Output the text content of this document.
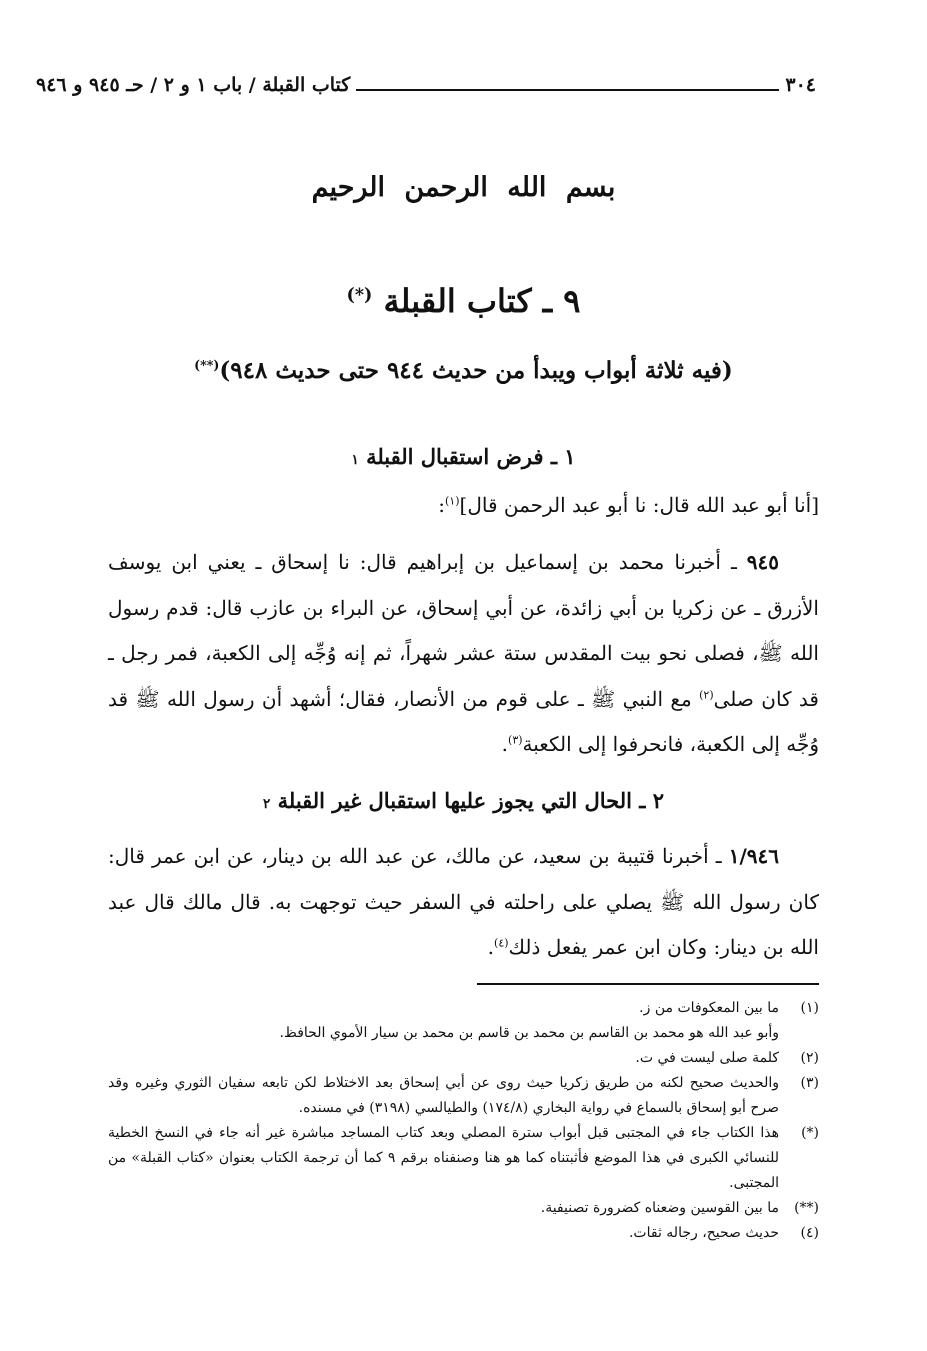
٣٠٤
كتاب القبلة / باب ١ و ٢ / حـ ٩٤٥ و ٩٤٦
بسم الله الرحمن الرحيم
٩ ـ كتاب القبلة (*)
(فيه ثلاثة أبواب ويبدأ من حديث ٩٤٤ حتى حديث ٩٤٨)(**)
١ ـ فرض استقبال القبلة ١
[أنا أبو عبد الله قال: نا أبو عبد الرحمن قال]$^{(١)}$:
٩٤٥ ـ أخبرنا محمد بن إسماعيل بن إبراهيم قال: نا إسحاق ـ يعني ابن يوسف الأزرق ـ عن زكريا بن أبي زائدة، عن أبي إسحاق، عن البراء بن عازب قال: قدم رسول الله ﷺ، فصلى نحو بيت المقدس ستة عشر شهراً، ثم إنه وُجِّه إلى الكعبة، فمر رجل ـ قد كان صلى$^{(٢)}$ مع النبي ﷺ ـ على قوم من الأنصار، فقال؛ أشهد أن رسول الله ﷺ قد وُجِّه إلى الكعبة، فانحرفوا إلى الكعبة$^{(٣)}$.
٢ ـ الحال التي يجوز عليها استقبال غير القبلة ٢
١/٩٤٦ ـ أخبرنا قتيبة بن سعيد، عن مالك، عن عبد الله بن دينار، عن ابن عمر قال: كان رسول الله ﷺ يصلي على راحلته في السفر حيث توجهت به. قال مالك قال عبد الله بن دينار: وكان ابن عمر يفعل ذلك$^{(٤)}$.
(١)
ما بين المعكوفات من ز.
وأبو عبد الله هو محمد بن القاسم بن محمد بن قاسم بن محمد بن سيار الأموي الحافظ.
(٢)
كلمة صلى ليست في ت.
(٣)
والحديث صحيح لكنه من طريق زكريا حيث روى عن أبي إسحاق بعد الاختلاط لكن تابعه سفيان الثوري وغيره وقد صرح أبو إسحاق بالسماع في رواية البخاري (١٧٤/٨) والطيالسي (٣١٩٨) في مسنده.
(*)
هذا الكتاب جاء في المجتبى قبل أبواب سترة المصلي وبعد كتاب المساجد مباشرة غير أنه جاء في النسخ الخطية للنسائي الكبرى في هذا الموضع فأثبتناه كما هو هنا وصنفناه برقم ٩ كما أن ترجمة الكتاب بعنوان «كتاب القبلة» من المجتبى.
(**)
ما بين القوسين وضعناه كضرورة تصنيفية.
(٤)
حديث صحيح، رجاله ثقات.
